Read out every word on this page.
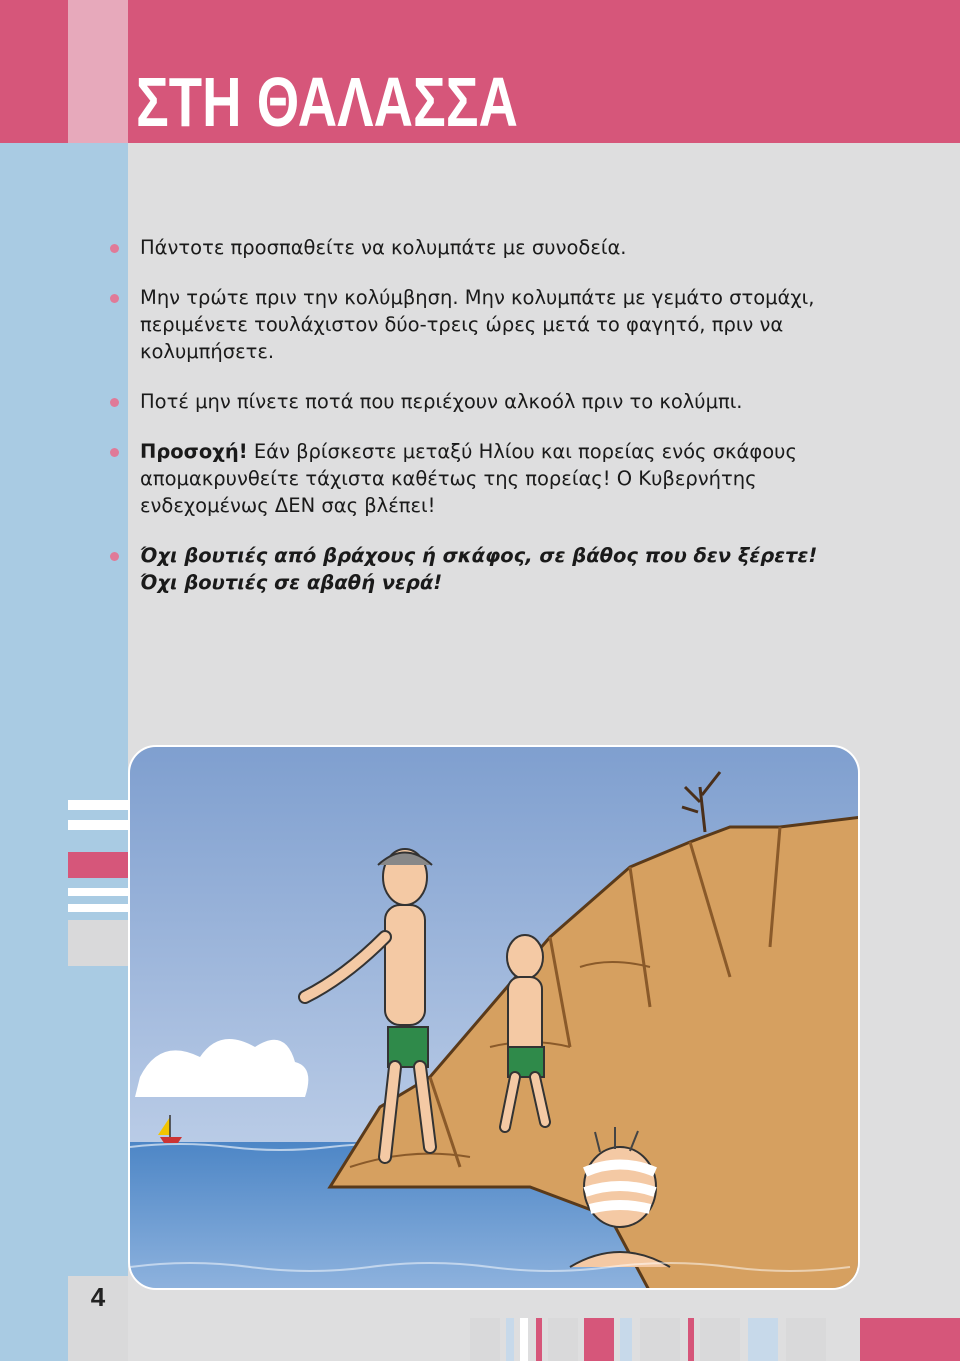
ΣΤΗ ΘΑΛΑΣΣΑ
Πάντοτε προσπαθείτε να κολυμπάτε με συνοδεία.
Μην τρώτε πριν την κολύμβηση. Μην κολυμπάτε με γεμάτο στομάχι, περιμένετε τουλάχιστον δύο-τρεις ώρες μετά το φαγητό, πριν να κολυμπήσετε.
Ποτέ μην πίνετε ποτά που περιέχουν αλκοόλ πριν το κολύμπι.
Προσοχή! Εάν βρίσκεστε μεταξύ Ηλίου και πορείας ενός σκάφους απομακρυνθείτε τάχιστα καθέτως της πορείας! Ο Κυβερνήτης ενδεχομένως ΔΕΝ σας βλέπει!
Όχι βουτιές από βράχους ή σκάφος, σε βάθος που δεν ξέρετε!
Όχι βουτιές σε αβαθή νερά!
4
